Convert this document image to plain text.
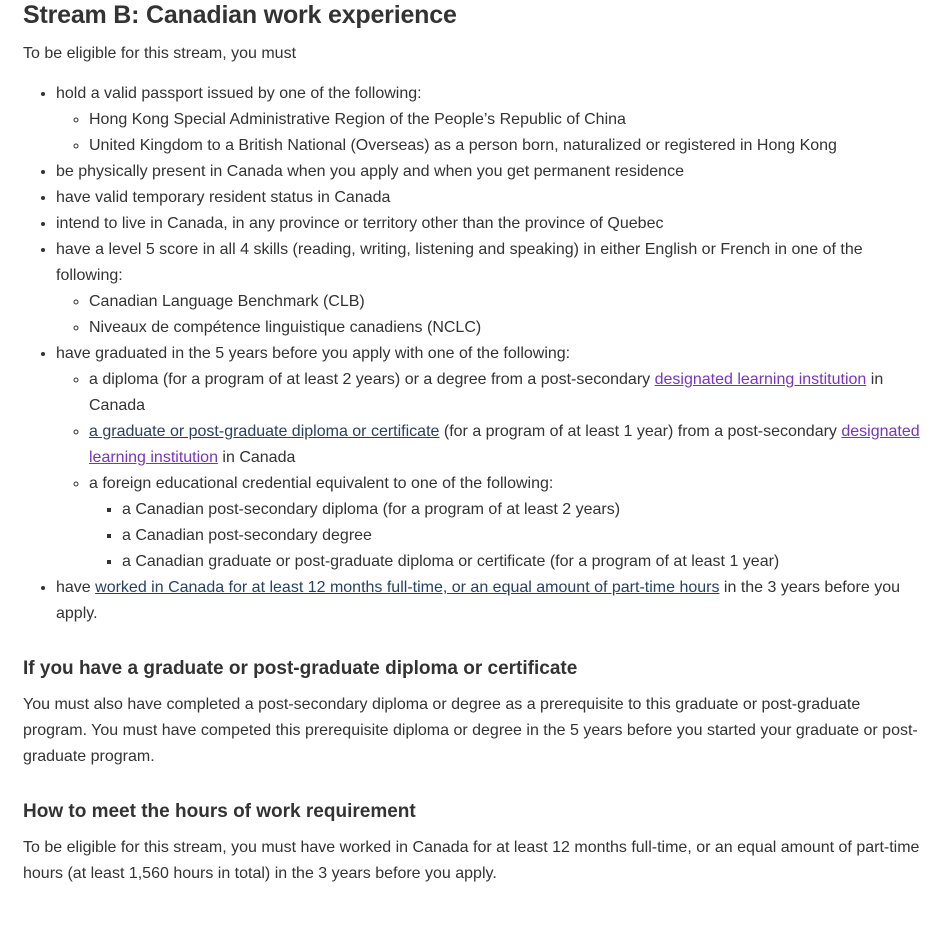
Stream B: Canadian work experience

To be eligible for this stream, you must

• hold a valid passport issued by one of the following:
◦ Hong Kong Special Administrative Region of the People’s Republic of China
◦ United Kingdom to a British National (Overseas) as a person born, naturalized or registered in Hong Kong
• be physically present in Canada when you apply and when you get permanent residence
• have valid temporary resident status in Canada
• intend to live in Canada, in any province or territory other than the province of Quebec
• have a level 5 score in all 4 skills (reading, writing, listening and speaking) in either English or French in one of the following:
◦ Canadian Language Benchmark (CLB)
◦ Niveaux de compétence linguistique canadiens (NCLC)
• have graduated in the 5 years before you apply with one of the following:
◦ a diploma (for a program of at least 2 years) or a degree from a post-secondary designated learning institution in Canada
◦ a graduate or post-graduate diploma or certificate (for a program of at least 1 year) from a post-secondary designated learning institution in Canada
◦ a foreign educational credential equivalent to one of the following:
▪ a Canadian post-secondary diploma (for a program of at least 2 years)
▪ a Canadian post-secondary degree
▪ a Canadian graduate or post-graduate diploma or certificate (for a program of at least 1 year)
• have worked in Canada for at least 12 months full-time, or an equal amount of part-time hours in the 3 years before you apply.
If you have a graduate or post-graduate diploma or certificate

You must also have completed a post-secondary diploma or degree as a prerequisite to this graduate or post-graduate program. You must have competed this prerequisite diploma or degree in the 5 years before you started your graduate or post-graduate program.

How to meet the hours of work requirement

To be eligible for this stream, you must have worked in Canada for at least 12 months full-time, or an equal amount of part-time hours (at least 1,560 hours in total) in the 3 years before you apply.
